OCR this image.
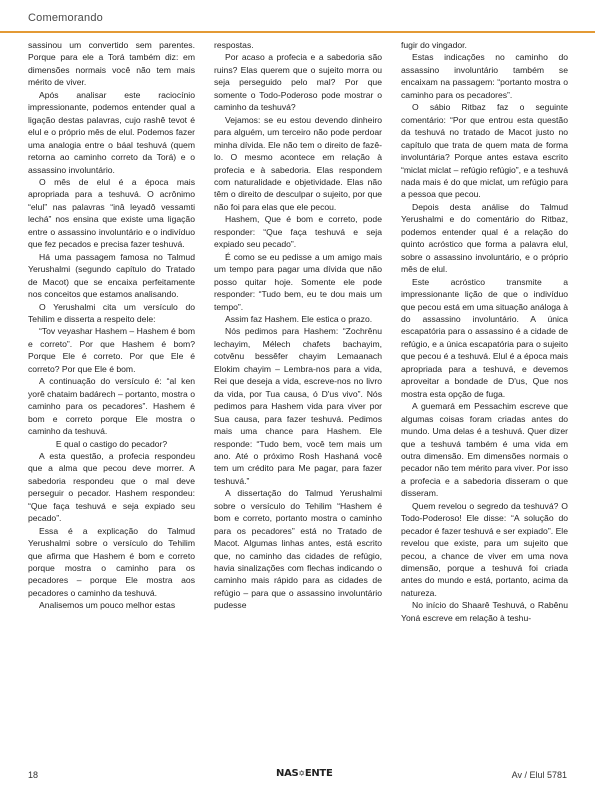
Comemorando

sassinou um convertido sem parentes. Porque para ele a Torá também diz: em dimensões normais você não tem mais mérito de viver.

Após analisar este raciocínio impressionante, podemos entender qual a ligação destas palavras, cujo rashê tevot é elul e o próprio mês de elul. Podemos fazer uma analogia entre o báal teshuvá (quem retorna ao caminho correto da Torá) e o assassino involuntário.

O mês de elul é a época mais apropriada para a teshuvá. O acrônimo “elul” nas palavras “inâ leyadô vessamti lechá” nos ensina que existe uma ligação entre o assassino involuntário e o indivíduo que fez pecados e precisa fazer teshuvá.

Há uma passagem famosa no Talmud Yerushalmi (segundo capítulo do Tratado de Macot) que se encaixa perfeitamente nos conceitos que estamos analisando.

O Yerushalmi cita um versículo do Tehilim e disserta a respeito dele:

“Tov veyashar Hashem – Hashem é bom e correto”. Por que Hashem é bom? Porque Ele é correto. Por que Ele é correto? Por que Ele é bom.

A continuação do versículo é: “al ken yorê chataim badárech – portanto, mostra o caminho para os pecadores”. Hashem é bom e correto porque Ele mostra o caminho da teshuvá.

E qual o castigo do pecador?

A esta questão, a profecia respondeu que a alma que pecou deve morrer. A sabedoria respondeu que o mal deve perseguir o pecador. Hashem respondeu: “Que faça teshuvá e seja expiado seu pecado”.

Essa é a explicação do Talmud Yerushalmi sobre o versículo do Tehilim que afirma que Hashem é bom e correto porque mostra o caminho para os pecadores – porque Ele mostra aos pecadores o caminho da teshuvá.

Analisemos um pouco melhor estas

respostas.

Por acaso a profecia e a sabedoria são ruins? Elas querem que o sujeito morra ou seja perseguido pelo mal? Por que somente o Todo-Poderoso pode mostrar o caminho da teshuvá?

Vejamos: se eu estou devendo dinheiro para alguém, um terceiro não pode perdoar minha dívida. Ele não tem o direito de fazê-lo. O mesmo acontece em relação à profecia e à sabedoria. Elas respondem com naturalidade e objetividade. Elas não têm o direito de desculpar o sujeito, por que não foi para elas que ele pecou.

Hashem, Que é bom e correto, pode responder: “Que faça teshuvá e seja expiado seu pecado”.

É como se eu pedisse a um amigo mais um tempo para pagar uma dívida que não posso quitar hoje. Somente ele pode responder: “Tudo bem, eu te dou mais um tempo”.

Assim faz Hashem. Ele estica o prazo.

Nós pedimos para Hashem: “Zochrênu lechayim, Mélech chafets bachayim, cotvênu bessêfer chayim Lemaanach Elokim chayim – Lembra-nos para a vida, Rei que deseja a vida, escreve-nos no livro da vida, por Tua causa, ó D'us vivo”. Nós pedimos para Hashem vida para viver por Sua causa, para fazer teshuvá. Pedimos mais uma chance para Hashem. Ele responde: “Tudo bem, você tem mais um ano. Até o próximo Rosh Hashaná você tem um crédito para Me pagar, para fazer teshuvá.”

A dissertação do Talmud Yerushalmi sobre o versículo do Tehilim “Hashem é bom e correto, portanto mostra o caminho para os pecadores” está no Tratado de Macot. Algumas linhas antes, está escrito que, no caminho das cidades de refúgio, havia sinalizações com flechas indicando o caminho mais rápido para as cidades de refúgio – para que o assassino involuntário pudesse

fugir do vingador.

Estas indicações no caminho do assassino involuntário também se encaixam na passagem: “portanto mostra o caminho para os pecadores”.

O sábio Ritbaz faz o seguinte comentário: “Por que entrou esta questão da teshuvá no tratado de Macot justo no capítulo que trata de quem mata de forma involuntária? Porque antes estava escrito “miclat miclat – refúgio refúgio”, e a teshuvá nada mais é do que miclat, um refúgio para a pessoa que pecou.

Depois desta análise do Talmud Yerushalmi e do comentário do Ritbaz, podemos entender qual é a relação do quinto acróstico que forma a palavra elul, sobre o assassino involuntário, e o próprio mês de elul.

Este acróstico transmite a impressionante lição de que o indivíduo que pecou está em uma situação análoga à do assassino involuntário. A única escapatória para o assassino é a cidade de refúgio, e a única escapatória para o sujeito que pecou é a teshuvá. Elul é a época mais apropriada para a teshuvá, e devemos aproveitar a bondade de D'us, Que nos mostra esta opção de fuga.

A guemará em Pessachim escreve que algumas coisas foram criadas antes do mundo. Uma delas é a teshuvá. Quer dizer que a teshuvá também é uma vida em outra dimensão. Em dimensões normais o pecador não tem mérito para viver. Por isso a profecia e a sabedoria disseram o que disseram.

Quem revelou o segredo da teshuvá? O Todo-Poderoso! Ele disse: “A solução do pecador é fazer teshuvá e ser expiado”. Ele revelou que existe, para um sujeito que pecou, a chance de viver em uma nova dimensão, porque a teshuvá foi criada antes do mundo e está, portanto, acima da natureza.

No início do Shaarê Teshuvá, o Rabênu Yoná escreve em relação à teshu-

18	NAS✡ENTE	Av / Elul 5781
